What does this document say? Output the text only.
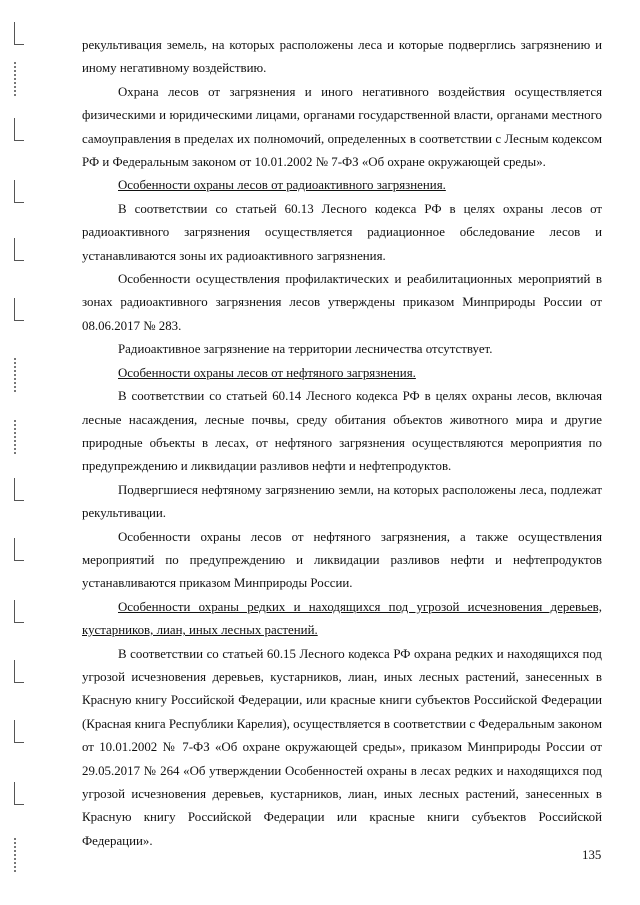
рекультивация земель, на которых расположены леса и которые подверглись загрязнению и иному негативному воздействию.

Охрана лесов от загрязнения и иного негативного воздействия осуществляется физическими и юридическими лицами, органами государственной власти, органами местного самоуправления в пределах их полномочий, определенных в соответствии с Лесным кодексом РФ и Федеральным законом от 10.01.2002 № 7-ФЗ «Об охране окружающей среды».

Особенности охраны лесов от радиоактивного загрязнения.

В соответствии со статьей 60.13 Лесного кодекса РФ в целях охраны лесов от радиоактивного загрязнения осуществляется радиационное обследование лесов и устанавливаются зоны их радиоактивного загрязнения.

Особенности осуществления профилактических и реабилитационных мероприятий в зонах радиоактивного загрязнения лесов утверждены приказом Минприроды России от 08.06.2017 № 283.

Радиоактивное загрязнение на территории лесничества отсутствует.

Особенности охраны лесов от нефтяного загрязнения.

В соответствии со статьей 60.14 Лесного кодекса РФ в целях охраны лесов, включая лесные насаждения, лесные почвы, среду обитания объектов животного мира и другие природные объекты в лесах, от нефтяного загрязнения осуществляются мероприятия по предупреждению и ликвидации разливов нефти и нефтепродуктов.

Подвергшиеся нефтяному загрязнению земли, на которых расположены леса, подлежат рекультивации.

Особенности охраны лесов от нефтяного загрязнения, а также осуществления мероприятий по предупреждению и ликвидации разливов нефти и нефтепродуктов устанавливаются приказом Минприроды России.

Особенности охраны редких и находящихся под угрозой исчезновения деревьев, кустарников, лиан, иных лесных растений.

В соответствии со статьей 60.15 Лесного кодекса РФ охрана редких и находящихся под угрозой исчезновения деревьев, кустарников, лиан, иных лесных растений, занесенных в Красную книгу Российской Федерации, или красные книги субъектов Российской Федерации (Красная книга Республики Карелия), осуществляется в соответствии с Федеральным законом от 10.01.2002 № 7-ФЗ «Об охране окружающей среды», приказом Минприроды России от 29.05.2017 № 264 «Об утверждении Особенностей охраны в лесах редких и находящихся под угрозой исчезновения деревьев, кустарников, лиан, иных лесных растений, занесенных в Красную книгу Российской Федерации или красные книги субъектов Российской Федерации».

135
